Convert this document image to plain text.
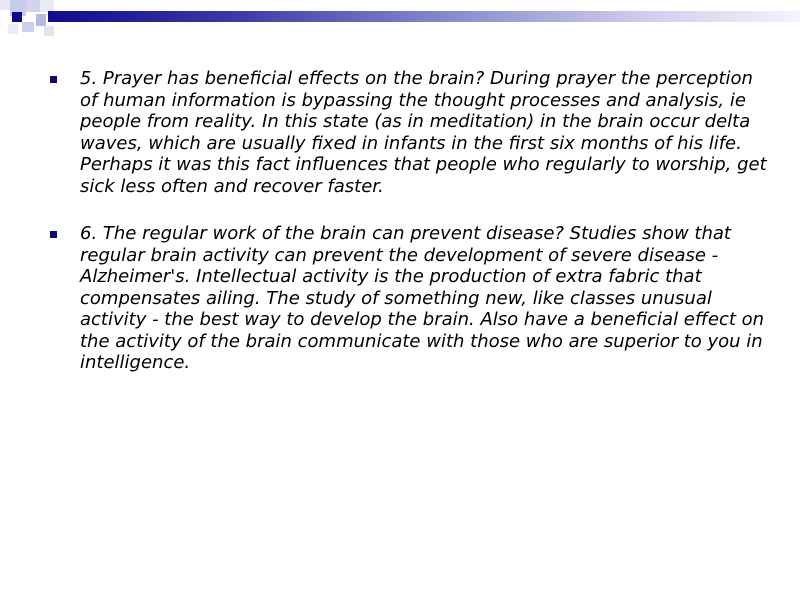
5. Prayer has beneficial effects on the brain? During prayer the perception of human information is bypassing the thought processes and analysis, ie people from reality. In this state (as in meditation) in the brain occur delta waves, which are usually fixed in infants in the first six months of his life. Perhaps it was this fact influences that people who regularly to worship, get sick less often and recover faster.

6. The regular work of the brain can prevent disease? Studies show that regular brain activity can prevent the development of severe disease - Alzheimer's. Intellectual activity is the production of extra fabric that compensates ailing. The study of something new, like classes unusual activity - the best way to develop the brain. Also have a beneficial effect on the activity of the brain communicate with those who are superior to you in intelligence.
